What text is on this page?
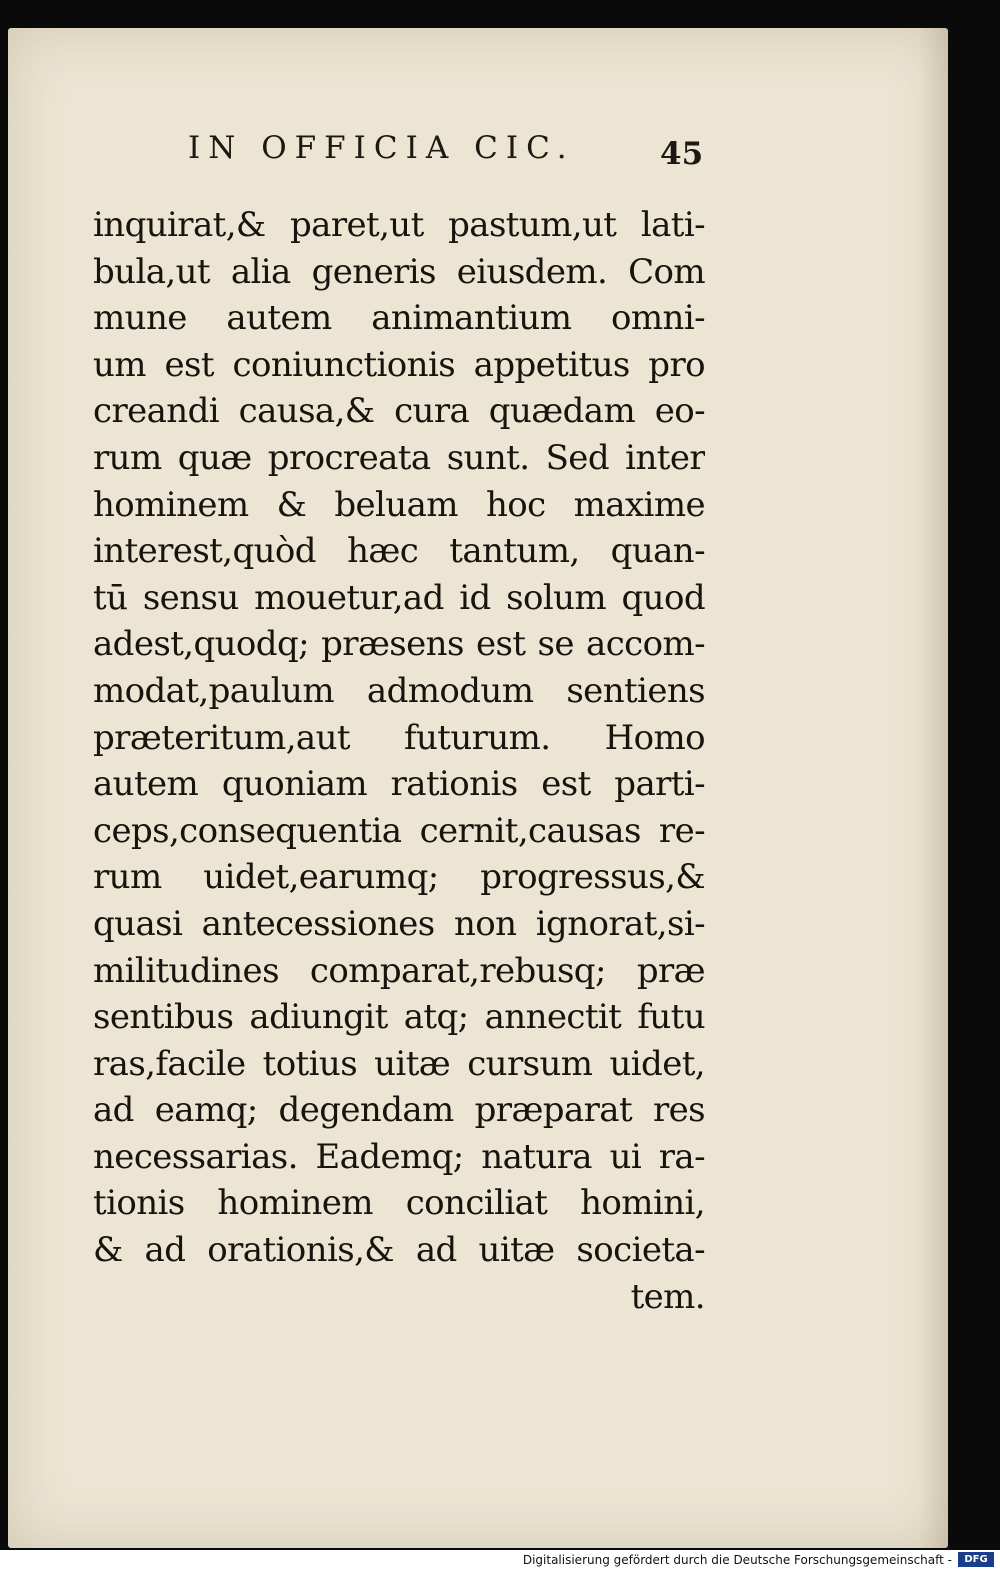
IN OFFICIA CIC.	45
inquirat,& paret,ut pastum,ut lati-
bula,ut alia generis eiusdem. Com
mune autem animantium omni-
um est coniunctionis appetitus pro
creandi causa,& cura quædam eo-
rum quæ procreata sunt. Sed inter
hominem & beluam hoc maxime
interest,quòd hæc tantum, quan-
tū sensu mouetur,ad id solum quod
adest,quodq; præsens est se accom-
modat,paulum admodum sentiens
præteritum,aut futurum. Homo
autem quoniam rationis est parti-
ceps,consequentia cernit,causas re-
rum uidet,earumq; progressus,&
quasi antecessiones non ignorat,si-
militudines comparat,rebusq; præ
sentibus adiungit atq; annectit futu
ras,facile totius uitæ cursum uidet,
ad eamq; degendam præparat res
necessarias. Eademq; natura ui ra-
tionis hominem conciliat homini,
& ad orationis,& ad uitæ societa-
tem.
Digitalisierung gefördert durch die Deutsche Forschungsgemeinschaft -	DFG
